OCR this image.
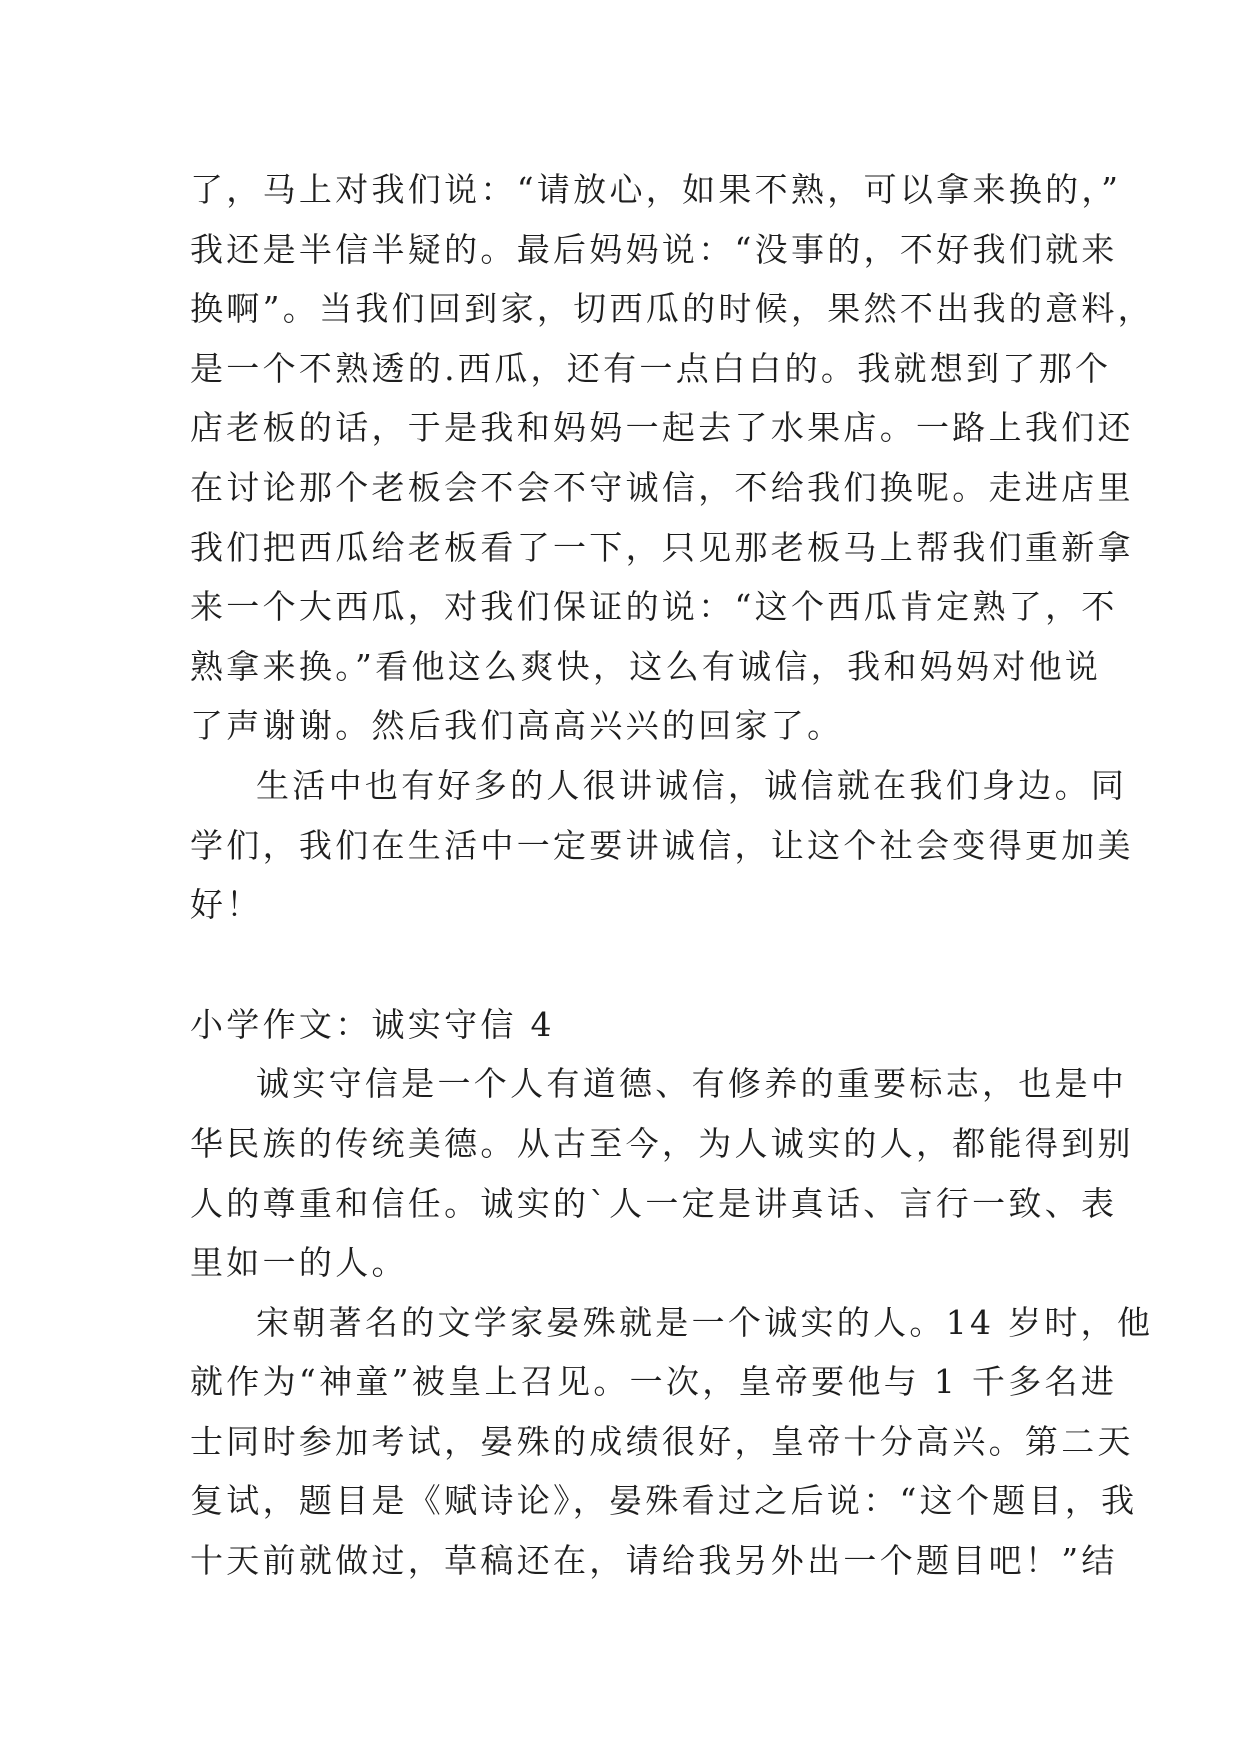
了，马上对我们说：“请放心，如果不熟，可以拿来换的，”
我还是半信半疑的。最后妈妈说：“没事的，不好我们就来
换啊”。当我们回到家，切西瓜的时候，果然不出我的意料，
是一个不熟透的.西瓜，还有一点白白的。我就想到了那个
店老板的话，于是我和妈妈一起去了水果店。一路上我们还
在讨论那个老板会不会不守诚信，不给我们换呢。走进店里
我们把西瓜给老板看了一下，只见那老板马上帮我们重新拿
来一个大西瓜，对我们保证的说：“这个西瓜肯定熟了，不
熟拿来换。”看他这么爽快，这么有诚信，我和妈妈对他说
了声谢谢。然后我们高高兴兴的回家了。
生活中也有好多的人很讲诚信，诚信就在我们身边。同
学们，我们在生活中一定要讲诚信，让这个社会变得更加美
好！
小学作文：诚实守信 4
诚实守信是一个人有道德、有修养的重要标志，也是中
华民族的传统美德。从古至今，为人诚实的人，都能得到别
人的尊重和信任。诚实的`人一定是讲真话、言行一致、表
里如一的人。
宋朝著名的文学家晏殊就是一个诚实的人。14 岁时，他
就作为“神童”被皇上召见。一次，皇帝要他与 1 千多名进
士同时参加考试，晏殊的成绩很好，皇帝十分高兴。第二天
复试，题目是《赋诗论》，晏殊看过之后说：“这个题目，我
十天前就做过，草稿还在，请给我另外出一个题目吧！”结
